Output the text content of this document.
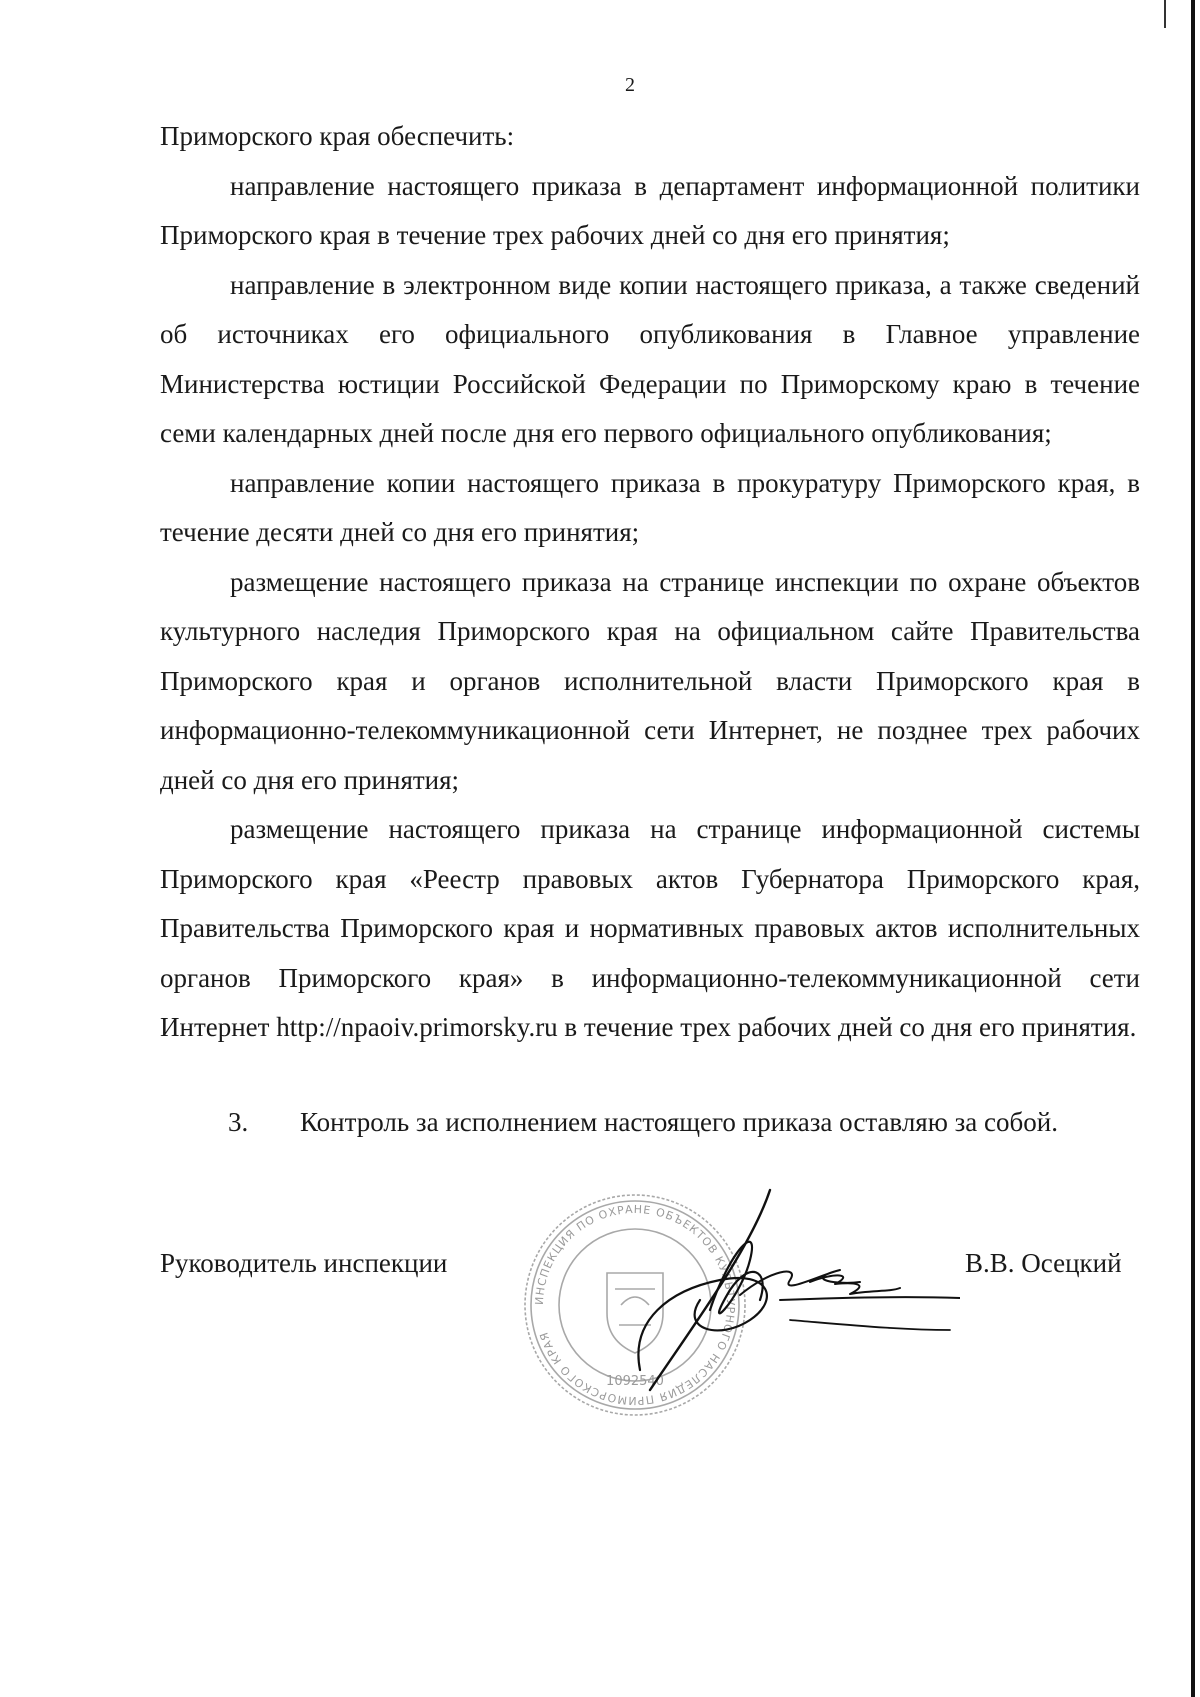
2

Приморского края обеспечить:

направление настоящего приказа в департамент информационной политики Приморского края в течение трех рабочих дней со дня его принятия;

направление в электронном виде копии настоящего приказа, а также сведений об источниках его официального опубликования в Главное управление Министерства юстиции Российской Федерации по Приморскому краю в течение семи календарных дней после дня его первого официального опубликования;

направление копии настоящего приказа в прокуратуру Приморского края, в течение десяти дней со дня его принятия;

размещение настоящего приказа на странице инспекции по охране объектов культурного наследия Приморского края на официальном сайте Правительства Приморского края и органов исполнительной власти Приморского края в информационно-телекоммуникационной сети Интернет, не позднее трех рабочих дней со дня его принятия;

размещение настоящего приказа на странице информационной системы Приморского края «Реестр правовых актов Губернатора Приморского края, Правительства Приморского края и нормативных правовых актов исполнительных органов Приморского края» в информационно-телекоммуникационной сети Интернет http://npaoiv.primorsky.ru в течение трех рабочих дней со дня его принятия.

3. Контроль за исполнением настоящего приказа оставляю за собой.
Руководитель инспекции
ИНСПЕКЦИЯ ПО ОХРАНЕ ОБЪЕКТОВ КУЛЬТУРНОГО НАСЛЕДИЯ ПРИМОРСКОГО КРАЯ
1092540
В.В. Осецкий
